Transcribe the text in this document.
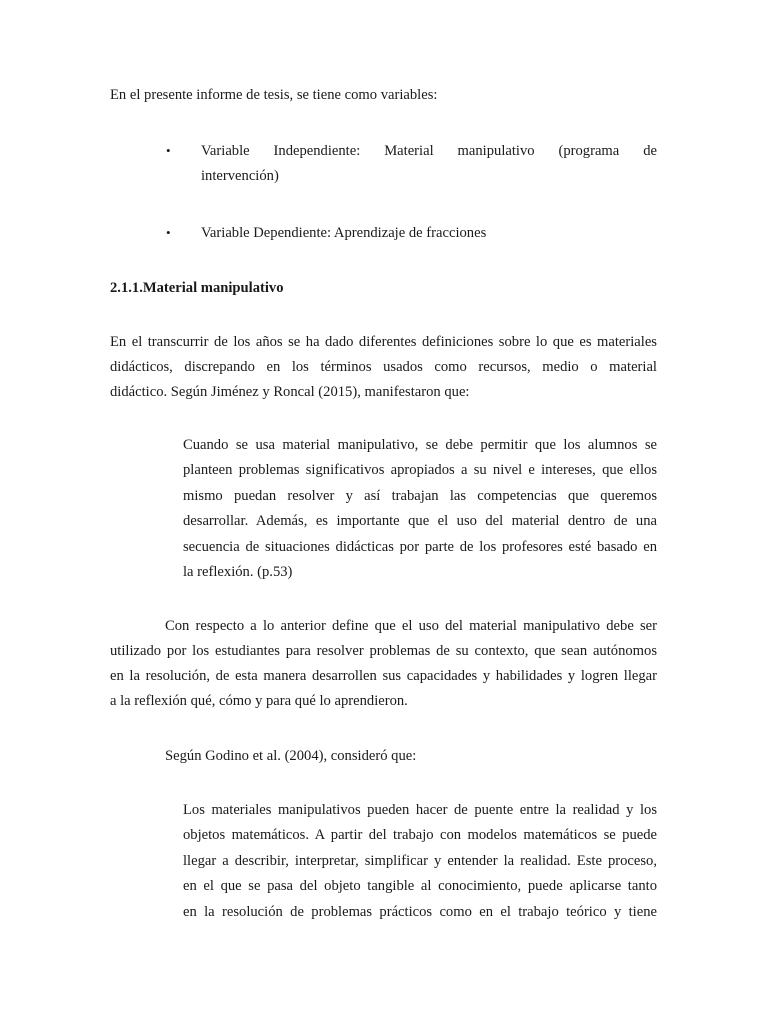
En el presente informe de tesis, se tiene como variables:
• Variable Independiente: Material manipulativo (programa de
intervención)
• Variable Dependiente: Aprendizaje de fracciones
2.1.1.Material manipulativo
En el transcurrir de los años se ha dado diferentes definiciones sobre lo que es materiales
didácticos, discrepando en los términos usados como recursos, medio o material
didáctico. Según Jiménez y Roncal (2015), manifestaron que:
Cuando se usa material manipulativo, se debe permitir que los alumnos se
planteen problemas significativos apropiados a su nivel e intereses, que ellos
mismo puedan resolver y así trabajan las competencias que queremos
desarrollar. Además, es importante que el uso del material dentro de una
secuencia de situaciones didácticas por parte de los profesores esté basado en
la reflexión. (p.53)
Con respecto a lo anterior define que el uso del material manipulativo debe ser
utilizado por los estudiantes para resolver problemas de su contexto, que sean autónomos
en la resolución, de esta manera desarrollen sus capacidades y habilidades y logren llegar
a la reflexión qué, cómo y para qué lo aprendieron.
Según Godino et al. (2004), consideró que:
Los materiales manipulativos pueden hacer de puente entre la realidad y los
objetos matemáticos. A partir del trabajo con modelos matemáticos se puede
llegar a describir, interpretar, simplificar y entender la realidad. Este proceso,
en el que se pasa del objeto tangible al conocimiento, puede aplicarse tanto
en la resolución de problemas prácticos como en el trabajo teórico y tiene
